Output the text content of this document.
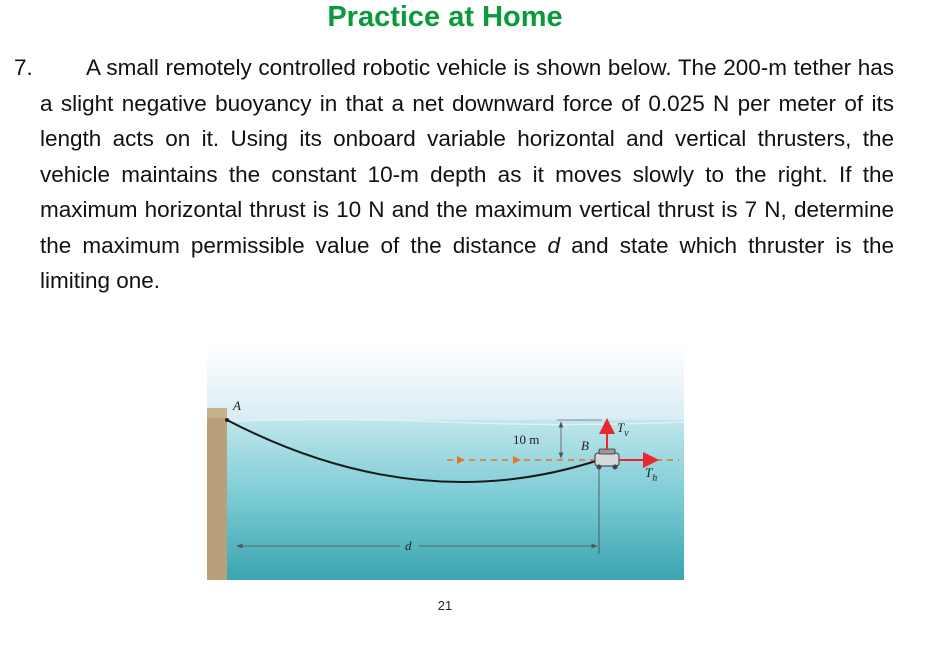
Practice at Home
7.	A small remotely controlled robotic vehicle is shown below. The 200-m tether has a slight negative buoyancy in that a net downward force of 0.025 N per meter of its length acts on it. Using its onboard variable horizontal and vertical thrusters, the vehicle maintains the constant 10-m depth as it moves slowly to the right. If the maximum horizontal thrust is 10 N and the maximum vertical thrust is 7 N, determine the maximum permissible value of the distance d and state which thruster is the limiting one.
A
10 m	B
$T_v$
$T_h$
d
21
